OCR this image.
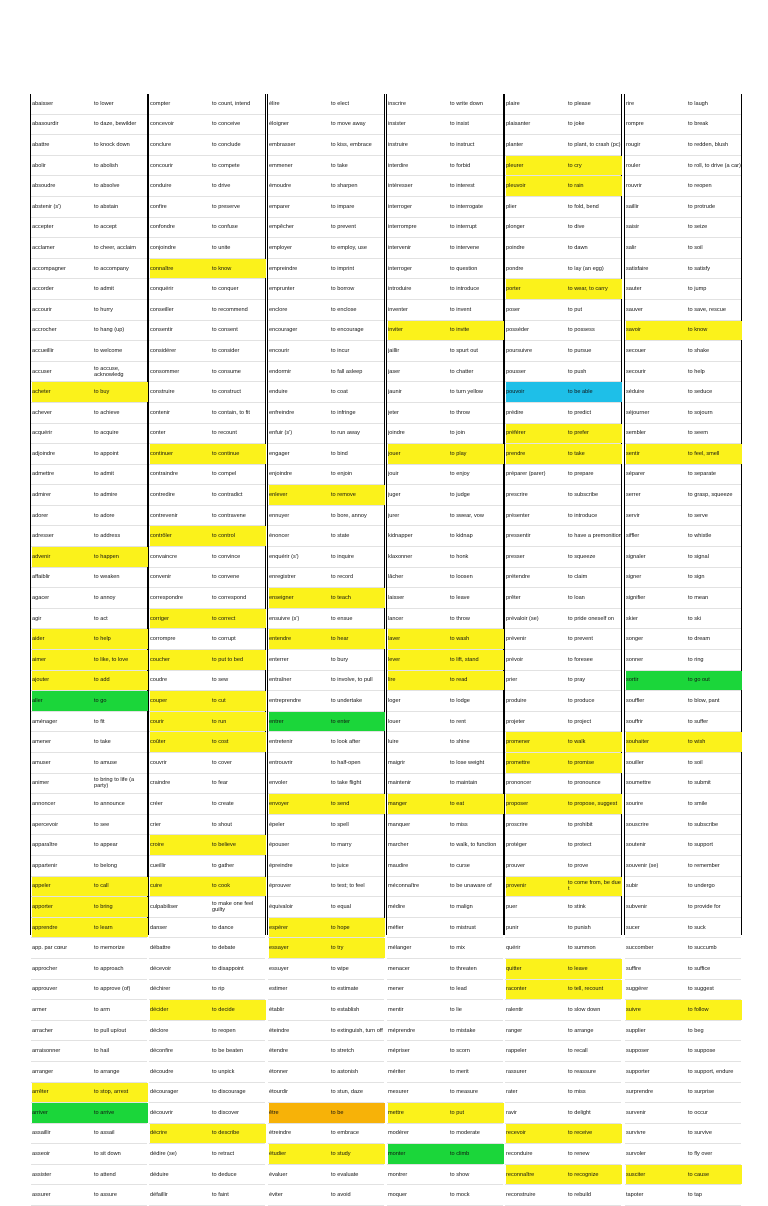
abaisser	to lower
abasourdir	to daze, bewilder
abattre	to knock down
abolir	to abolish
absoudre	to absolve
abstenir (s')	to abstain
accepter	to accept
acclamer	to cheer, acclaim
accompagner	to accompany
accorder	to admit
accourir	to hurry
accrocher	to hang (up)
accueillir	to welcome
accuser	to accuse, acknowledg
acheter	to buy
achever	to achieve
acquérir	to acquire
adjoindre	to appoint
admettre	to admit
admirer	to admire
adorer	to adore
adresser	to address
advenir	to happen
affaiblir	to weaken
agacer	to annoy
agir	to act
aider	to help
aimer	to like, to love
ajouter	to add
aller	to go
aménager	to fit
amener	to take
amuser	to amuse
animer	to bring to life (a party)
annoncer	to announce
apercevoir	to see
apparaître	to appear
appartenir	to belong
appeler	to call
apporter	to bring
apprendre	to learn
app. par cœur	to memorize
approcher	to approach
approuver	to approve (of)
armer	to arm
arracher	to pull up/out
arraisonner	to hail
arranger	to arrange
arrêter	to stop, arrest
arriver	to arrive
assaillir	to assail
asseoir	to sit down
assister	to attend
assurer	to assure
compter	to count, intend
concevoir	to conceive
conclure	to conclude
concourir	to compete
conduire	to drive
confire	to preserve
confondre	to confuse
conjoindre	to unite
connaître	to know
conquérir	to conquer
conseiller	to recommend
consentir	to consent
considérer	to consider
consommer	to consume
construire	to construct
contenir	to contain, to fit
conter	to recount
continuer	to continue
contraindre	to compel
contredire	to contradict
contrevenir	to contravene
contrôler	to control
convaincre	to convince
convenir	to convene
correspondre	to correspond
corriger	to correct
corrompre	to corrupt
coucher	to put to bed
coudre	to sew
couper	to cut
courir	to run
coûter	to cost
couvrir	to cover
craindre	to fear
créer	to create
crier	to shout
croire	to believe
cueillir	to gather
cuire	to cook
culpabiliser	to make one feel guilty
danser	to dance
débattre	to debate
décevoir	to disappoint
déchirer	to rip
décider	to decide
déclore	to reopen
déconfire	to be beaten
découdre	to unpick
décourager	to discourage
découvrir	to discover
décrire	to describe
dédire (se)	to retract
déduire	to deduce
défaillir	to faint
élire	to elect
éloigner	to move away
embrasser	to kiss, embrace
emmener	to take
émoudre	to sharpen
emparer	to impare
empêcher	to prevent
employer	to employ, use
empreindre	to imprint
emprunter	to borrow
enclore	to enclose
encourager	to encourage
encourir	to incur
endormir	to fall asleep
enduire	to coat
enfreindre	to infringe
enfuir (s')	to run away
engager	to bind
enjoindre	to enjoin
enlever	to remove
ennuyer	to bore, annoy
énoncer	to state
enquérir (s')	to inquire
enregistrer	to record
enseigner	to teach
ensuivre (s')	to ensue
entendre	to hear
enterrer	to bury
entraîner	to involve, to pull
entreprendre	to undertake
entrer	to enter
entretenir	to look after
entrouvrir	to half-open
envoler	to take flight
envoyer	to send
épeler	to spell
épouser	to marry
épreindre	to juice
éprouver	to test; to feel
équivaloir	to equal
espérer	to hope
essayer	to try
essuyer	to wipe
estimer	to estimate
établir	to establish
éteindre	to extinguish, turn off
étendre	to stretch
étonner	to astonish
étourdir	to stun, daze
être	to be
étreindre	to embrace
étudier	to study
évaluer	to evaluate
éviter	to avoid
inscrire	to write down
insister	to insist
instruire	to instruct
interdire	to forbid
intéresser	to interest
interroger	to interrogate
interrompre	to interrupt
intervenir	to intervene
interroger	to question
introduire	to introduce
inventer	to invent
inviter	to invite
jaillir	to spurt out
jaser	to chatter
jaunir	to turn yellow
jeter	to throw
joindre	to join
jouer	to play
jouir	to enjoy
juger	to judge
jurer	to swear, vow
kidnapper	to kidnap
klaxonner	to honk
lâcher	to loosen
laisser	to leave
lancer	to throw
laver	to wash
lever	to lift, stand
lire	to read
loger	to lodge
louer	to rent
luire	to shine
maigrir	to lose weight
maintenir	to maintain
manger	to eat
manquer	to miss
marcher	to walk, to function
maudire	to curse
méconnaître	to be unaware of
médire	to malign
méfier	to mistrust
mélanger	to mix
menacer	to threaten
mener	to lead
mentir	to lie
méprendre	to mistake
mépriser	to scorn
mériter	to merit
mesurer	to measure
mettre	to put
modérer	to moderate
monter	to climb
montrer	to show
moquer	to mock
plaire	to please
plaisanter	to joke
planter	to plant, to crash (pc)
pleurer	to cry
pleuvoir	to rain
plier	to fold, bend
plonger	to dive
poindre	to dawn
pondre	to lay (an egg)
porter	to wear, to carry
poser	to put
posséder	to possess
poursuivre	to pursue
pousser	to push
pouvoir	to be able
prédire	to predict
préférer	to prefer
prendre	to take
préparer (parer)	to prepare
prescrire	to subscribe
présenter	to introduce
pressentir	to have a premonition
presser	to squeeze
prétendre	to claim
prêter	to loan
prévaloir (se)	to pride oneself on
prévenir	to prevent
prévoir	to foresee
prier	to pray
produire	to produce
projeter	to project
promener	to walk
promettre	to promise
prononcer	to pronounce
proposer	to propose, suggest
proscrire	to prohibit
protéger	to protect
prouver	to prove
provenir	to come from, be due t
puer	to stink
punir	to punish
quérir	to summon
quitter	to leave
raconter	to tell, recount
ralentir	to slow down
ranger	to arrange
rappeler	to recall
rassurer	to reassure
rater	to miss
ravir	to delight
recevoir	to receive
reconduire	to renew
reconnaître	to recognize
reconstruire	to rebuild
rire	to laugh
rompre	to break
rougir	to redden, blush
rouler	to roll, to drive (a car)
rouvrir	to reopen
saillir	to protrude
saisir	to seize
salir	to soil
satisfaire	to satisfy
sauter	to jump
sauver	to save, rescue
savoir	to know
secouer	to shake
secourir	to help
séduire	to seduce
séjourner	to sojourn
sembler	to seem
sentir	to feel, smell
séparer	to separate
serrer	to grasp, squeeze
servir	to serve
siffler	to whistle
signaler	to signal
signer	to sign
signifier	to mean
skier	to ski
songer	to dream
sonner	to ring
sortir	to go out
souffler	to blow, pant
souffrir	to suffer
souhaiter	to wish
souiller	to soil
soumettre	to submit
sourire	to smile
souscrire	to subscribe
soutenir	to support
souvenir (se)	to remember
subir	to undergo
subvenir	to provide for
sucer	to suck
succomber	to succumb
suffire	to suffice
suggérer	to suggest
suivre	to follow
supplier	to beg
supposer	to suppose
supporter	to support, endure
surprendre	to surprise
survenir	to occur
survivre	to survive
survoler	to fly over
susciter	to cause
tapoter	to tap
